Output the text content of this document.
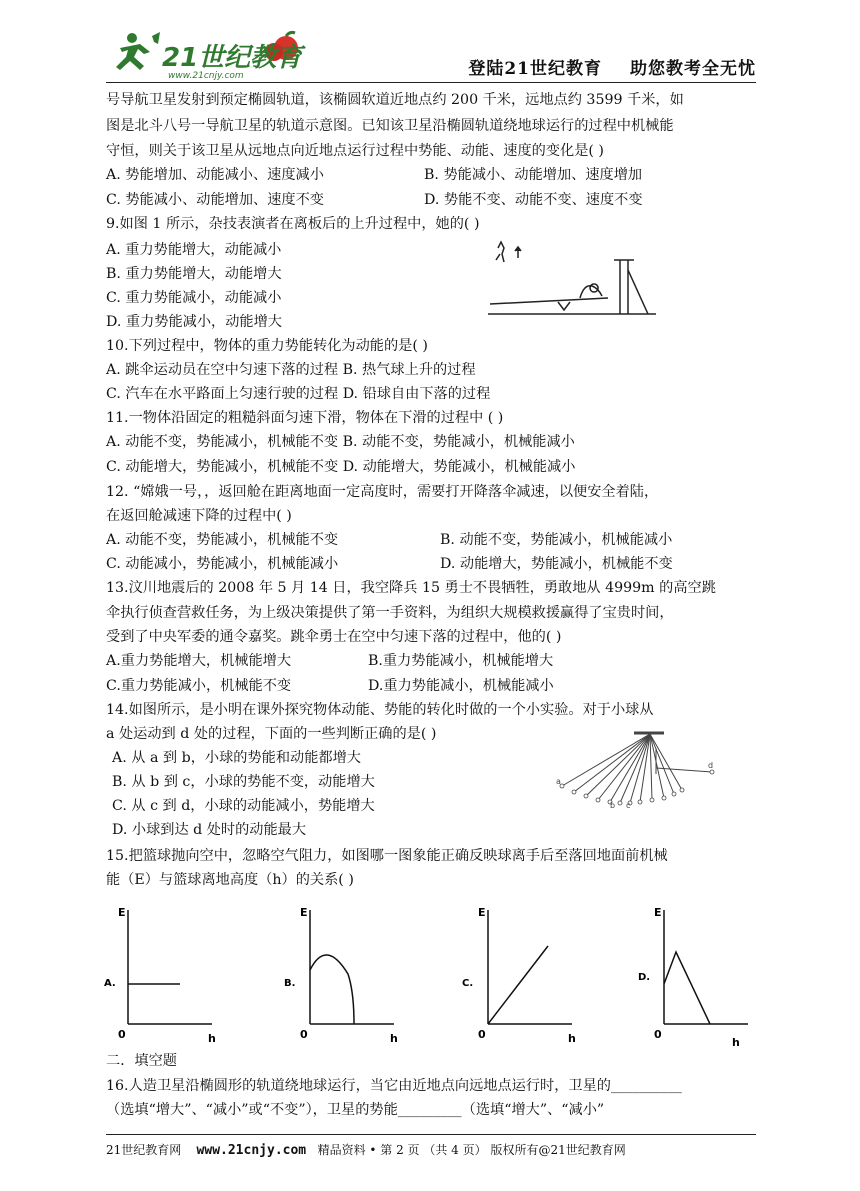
21世纪教育
www.21cnjy.com	登陆21世纪教育 助您教考全无忧
号导航卫星发射到预定椭圆轨道，该椭圆软道近地点约 200 千米，远地点约 3599 千米，如
图是北斗八号一导航卫星的轨道示意图。已知该卫星沿椭圆轨道绕地球运行的过程中机械能
守恒，则关于该卫星从远地点向近地点运行过程中势能、动能、速度的变化是( )
A. 势能增加、动能减小、速度减小	B. 势能减小、动能增加、速度增加
C. 势能减小、动能增加、速度不变	D. 势能不变、动能不变、速度不变
9.如图 1 所示，杂技表演者在离板后的上升过程中，她的( )
A. 重力势能增大，动能减小
B. 重力势能增大，动能增大
C. 重力势能减小，动能减小
D. 重力势能减小，动能增大
10.下列过程中，物体的重力势能转化为动能的是( )
A. 跳伞运动员在空中匀速下落的过程 B. 热气球上升的过程
C. 汽车在水平路面上匀速行驶的过程 D. 铅球自由下落的过程
11.一物体沿固定的粗糙斜面匀速下滑，物体在下滑的过程中 ( )
A. 动能不变，势能减小，机械能不变 B. 动能不变，势能减小，机械能减小
C. 动能增大，势能减小，机械能不变 D. 动能增大，势能减小，机械能减小
12. “嫦娥一号，，返回舱在距离地面一定高度时，需要打开降落伞减速，以便安全着陆，
在返回舱减速下降的过程中( )
A. 动能不变，势能减小，机械能不变	B. 动能不变，势能减小，机械能减小
C. 动能减小，势能减小，机械能减小	D. 动能增大，势能减小，机械能不变
13.汶川地震后的 2008 年 5 月 14 日，我空降兵 15 勇士不畏牺牲，勇敢地从 4999m 的高空跳
伞执行侦查营救任务，为上级决策提供了第一手资料，为组织大规模救援赢得了宝贵时间，
受到了中央军委的通令嘉奖。跳伞勇士在空中匀速下落的过程中，他的( )
A.重力势能增大，机械能增大	B.重力势能减小，机械能增大
C.重力势能减小，机械能不变	D.重力势能减小，机械能减小
14.如图所示，是小明在课外探究物体动能、势能的转化时做的一个小实验。对于小球从
a 处运动到 d 处的过程，下面的一些判断正确的是( )
A. 从 a 到 b，小球的势能和动能都增大
B. 从 b 到 c，小球的势能不变，动能增大
C. 从 c 到 d，小球的动能减小，势能增大
D. 小球到达 d 处时的动能最大
a
b c
d
15.把篮球抛向空中，忽略空气阻力，如图哪一图象能正确反映球离手后至落回地面前机械
能（E）与篮球离地高度（h）的关系( )
E
h
0
A.
E
h
0
B.
E
h
0
C.
E
h
0
D.
二．填空题
16.人造卫星沿椭圆形的轨道绕地球运行，当它由近地点向远地点运行时，卫星的__________
（选填“增大”、“减小”或“不变”），卫星的势能_________（选填“增大”、“减小”
21世纪教育网 www.21cnjy.com 精品资料 • 第 2 页 （共 4 页） 版权所有@21世纪教育网
